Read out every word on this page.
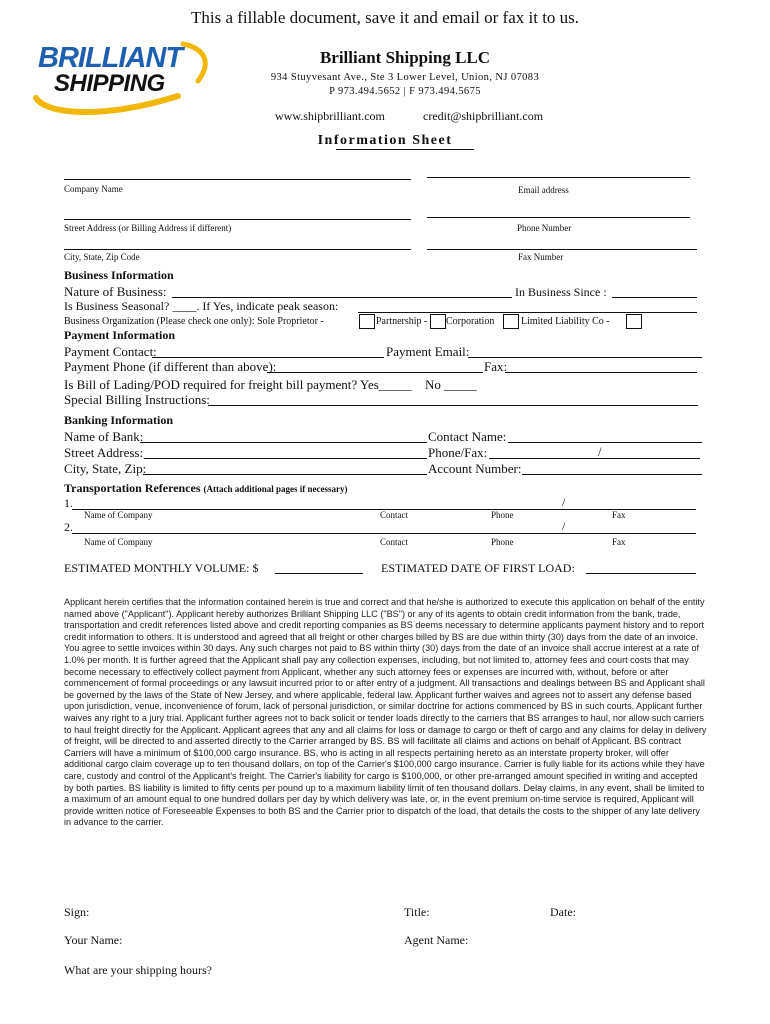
This a fillable document, save it and email or fax it to us.
BRILLIANT
SHIPPING
Brilliant Shipping LLC
934 Stuyvesant Ave., Ste 3 Lower Level, Union, NJ 07083
P 973.494.5652 | F 973.494.5675
www.shipbrilliant.com	credit@shipbrilliant.com
Information Sheet
Company Name	Email address
Street Address (or Billing Address if different)	Phone Number
City, State, Zip Code	Fax Number
Business Information
Nature of Business:	In Business Since :
Is Business Seasonal? ____. If Yes, indicate peak season:
Business Organization (Please check one only): Sole Proprietor -	Partnership - Corporation	Limited Liability Co -
Payment Information
Payment Contact:	Payment Email:
Payment Phone (if different than above):	Fax:
Is Bill of Lading/POD required for freight bill payment? Yes_____ No _____
Special Billing Instructions:
Banking Information
Name of Bank:	Contact Name:
Street Address:	Phone/Fax:	/
City, State, Zip:	Account Number:
Transportation References (Attach additional pages if necessary)
1.	/
Name of Company	Contact	Phone	Fax
2.	/
Name of Company	Contact	Phone	Fax
ESTIMATED MONTHLY VOLUME: $	ESTIMATED DATE OF FIRST LOAD:
Applicant herein certifies that the information contained herein is true and correct and that he/she is authorized to execute this application on behalf of the entity named above ("Applicant"). Applicant hereby authorizes Brilliant Shipping LLC ("BS") or any of its agents to obtain credit information from the bank, trade, transportation and credit references listed above and credit reporting companies as BS deems necessary to determine applicants payment history and to report credit information to others. It is understood and agreed that all freight or other charges billed by BS are due within thirty (30) days from the date of an invoice. You agree to settle invoices within 30 days. Any such charges not paid to BS within thirty (30) days from the date of an invoice shall accrue interest at a rate of 1.0% per month. It is further agreed that the Applicant shall pay any collection expenses, including, but not limited to, attorney fees and court costs that may become necessary to effectively collect payment from Applicant, whether any such attorney fees or expenses are incurred with, without, before or after commencement of formal proceedings or any lawsuit incurred prior to or after entry of a judgment. All transactions and dealings between BS and Applicant shall be governed by the laws of the State of New Jersey, and where applicable, federal law. Applicant further waives and agrees not to assert any defense based upon jurisdiction, venue, inconvenience of forum, lack of personal jurisdiction, or similar doctrine for actions commenced by BS in such courts. Applicant further waives any right to a jury trial. Applicant further agrees not to back solicit or tender loads directly to the carriers that BS arranges to haul, nor allow such carriers to haul freight directly for the Applicant. Applicant agrees that any and all claims for loss or damage to cargo or theft of cargo and any claims for delay in delivery of freight, will be directed to and asserted directly to the Carrier arranged by BS. BS will facilitate all claims and actions on behalf of Applicant. BS contract Carriers will have a minimum of $100,000 cargo insurance. BS, who is acting in all respects pertaining hereto as an interstate property broker, will offer additional cargo claim coverage up to ten thousand dollars, on top of the Carrier's $100,000 cargo insurance. Carrier is fully liable for its actions while they have care, custody and control of the Applicant's freight. The Carrier's liability for cargo is $100,000, or other pre-arranged amount specified in writing and accepted by both parties. BS liability is limited to fifty cents per pound up to a maximum liability limit of ten thousand dollars. Delay claims, in any event, shall be limited to a maximum of an amount equal to one hundred dollars per day by which delivery was late, or, in the event premium on-time service is required, Applicant will provide written notice of Foreseeable Expenses to both BS and the Carrier prior to dispatch of the load, that details the costs to the shipper of any late delivery in advance to the carrier.
Sign:	Title:	Date:
Your Name:	Agent Name:
What are your shipping hours?
